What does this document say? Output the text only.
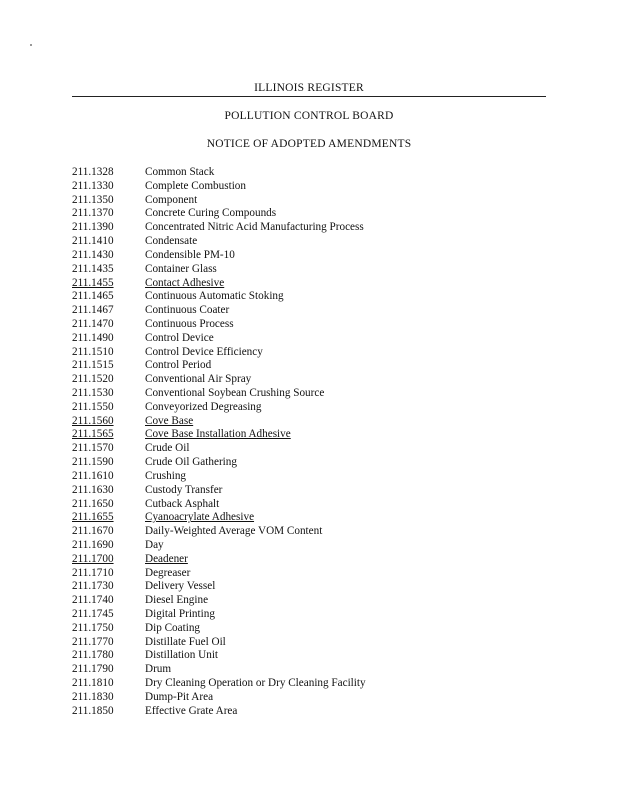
ILLINOIS REGISTER
POLLUTION CONTROL BOARD
NOTICE OF ADOPTED AMENDMENTS
211.1328	Common Stack
211.1330	Complete Combustion
211.1350	Component
211.1370	Concrete Curing Compounds
211.1390	Concentrated Nitric Acid Manufacturing Process
211.1410	Condensate
211.1430	Condensible PM-10
211.1435	Container Glass
211.1455	Contact Adhesive
211.1465	Continuous Automatic Stoking
211.1467	Continuous Coater
211.1470	Continuous Process
211.1490	Control Device
211.1510	Control Device Efficiency
211.1515	Control Period
211.1520	Conventional Air Spray
211.1530	Conventional Soybean Crushing Source
211.1550	Conveyorized Degreasing
211.1560	Cove Base
211.1565	Cove Base Installation Adhesive
211.1570	Crude Oil
211.1590	Crude Oil Gathering
211.1610	Crushing
211.1630	Custody Transfer
211.1650	Cutback Asphalt
211.1655	Cyanoacrylate Adhesive
211.1670	Daily-Weighted Average VOM Content
211.1690	Day
211.1700	Deadener
211.1710	Degreaser
211.1730	Delivery Vessel
211.1740	Diesel Engine
211.1745	Digital Printing
211.1750	Dip Coating
211.1770	Distillate Fuel Oil
211.1780	Distillation Unit
211.1790	Drum
211.1810	Dry Cleaning Operation or Dry Cleaning Facility
211.1830	Dump-Pit Area
211.1850	Effective Grate Area
